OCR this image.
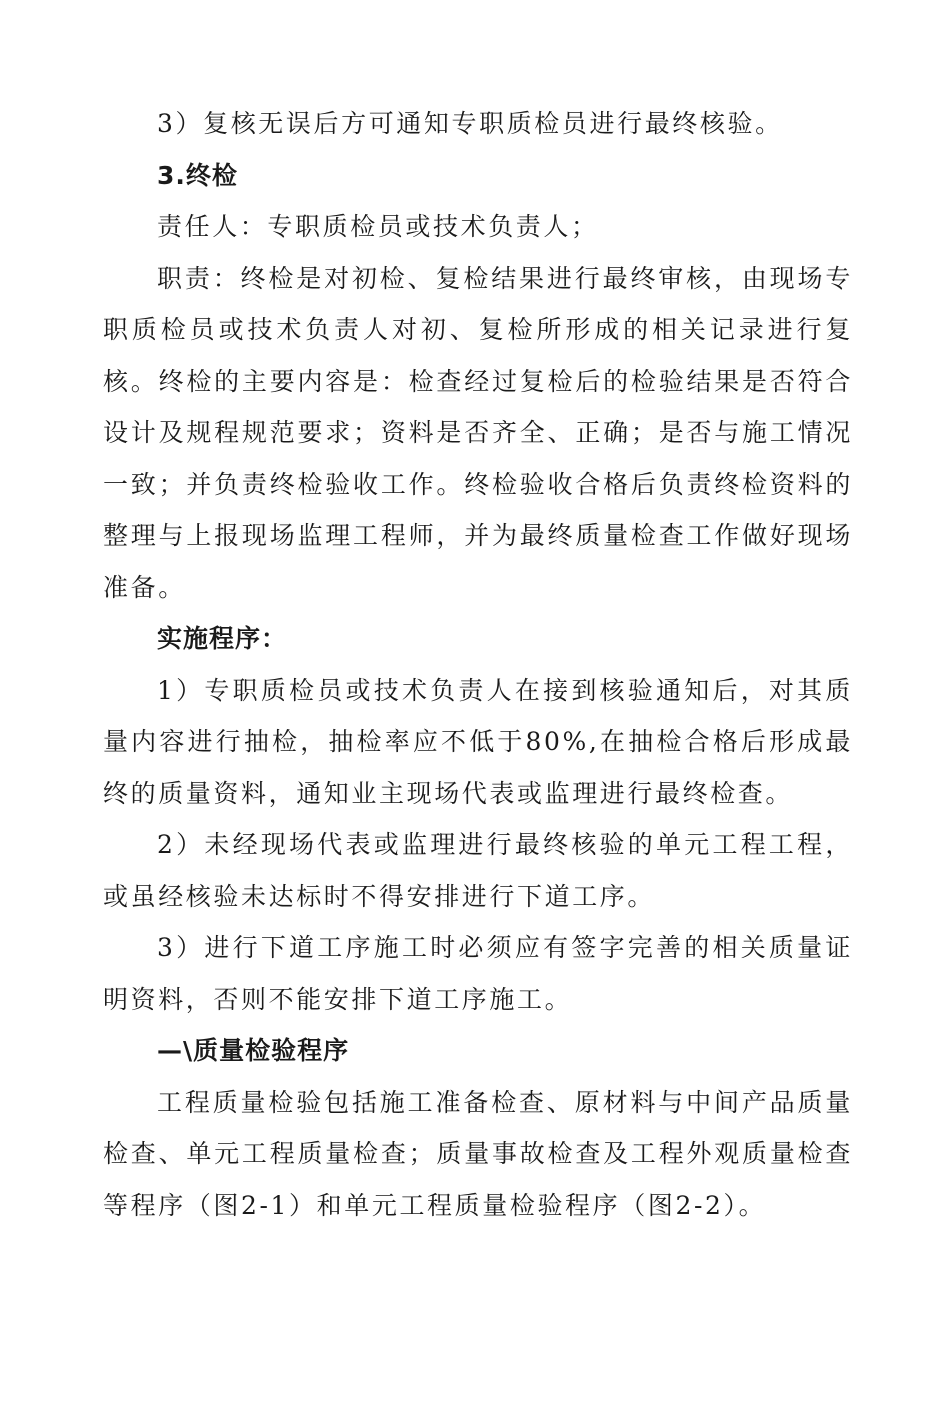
3）复核无误后方可通知专职质检员进行最终核验。

3.终检

责任人：专职质检员或技术负责人；

职责：终检是对初检、复检结果进行最终审核，由现场专职质检员或技术负责人对初、复检所形成的相关记录进行复核。终检的主要内容是：检查经过复检后的检验结果是否符合设计及规程规范要求；资料是否齐全、正确；是否与施工情况一致；并负责终检验收工作。终检验收合格后负责终检资料的整理与上报现场监理工程师，并为最终质量检查工作做好现场准备。

实施程序：

1）专职质检员或技术负责人在接到核验通知后，对其质量内容进行抽检，抽检率应不低于80%,在抽检合格后形成最终的质量资料，通知业主现场代表或监理进行最终检查。

2）未经现场代表或监理进行最终核验的单元工程工程，或虽经核验未达标时不得安排进行下道工序。

3）进行下道工序施工时必须应有签字完善的相关质量证明资料，否则不能安排下道工序施工。

—\质量检验程序

工程质量检验包括施工准备检查、原材料与中间产品质量检查、单元工程质量检查；质量事故检查及工程外观质量检查等程序（图2-1）和单元工程质量检验程序（图2-2）。
